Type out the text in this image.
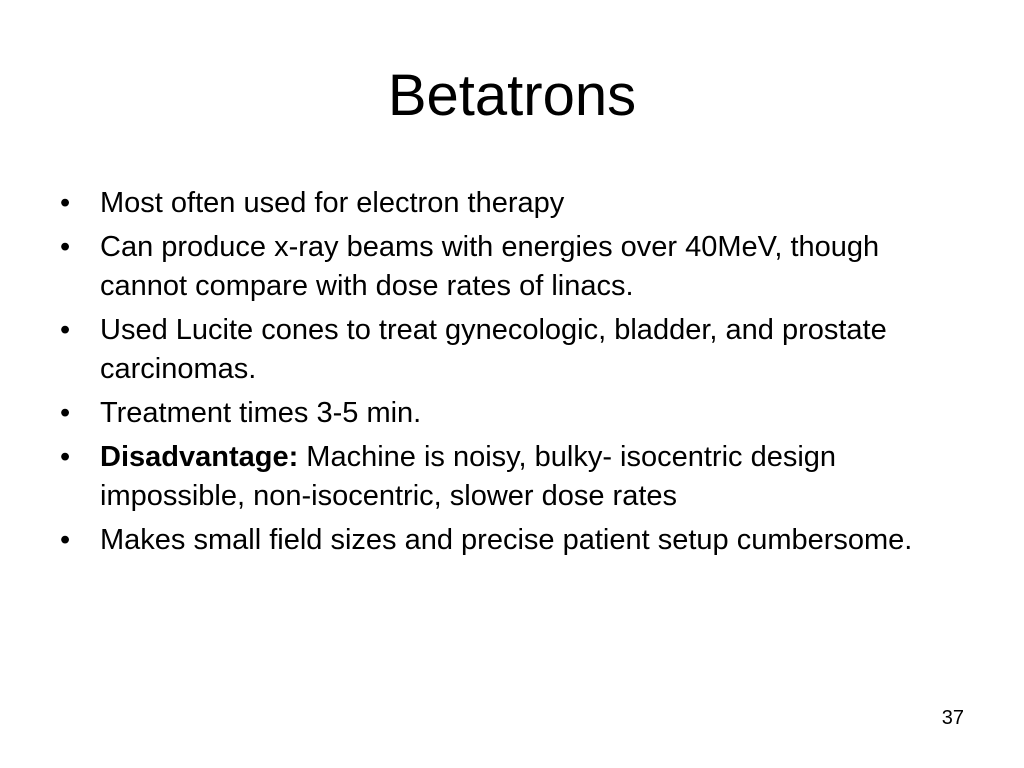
Betatrons
•	Most often used for electron therapy
•	Can produce x-ray beams with energies over 40MeV, though cannot compare with dose rates of linacs.
•	Used Lucite cones to treat gynecologic, bladder, and prostate carcinomas.
•	Treatment times 3-5 min.
•	Disadvantage: Machine is noisy, bulky- isocentric design impossible, non-isocentric, slower dose rates
•	Makes small field sizes and precise patient setup cumbersome.
37
